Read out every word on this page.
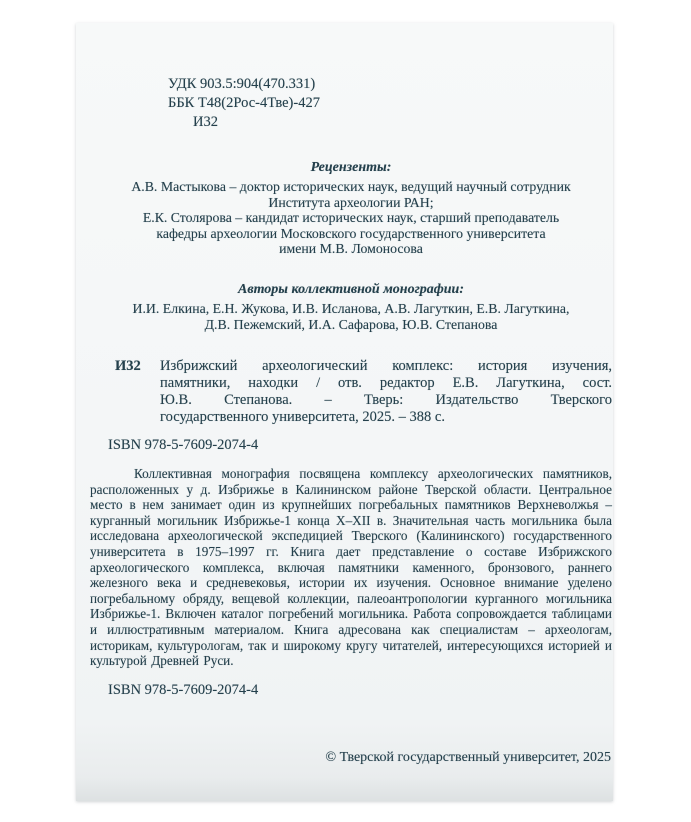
УДК 903.5:904(470.331)
ББК Т48(2Рос-4Тве)-427
И32
Рецензенты:
А.В. Мастыкова – доктор исторических наук, ведущий научный сотрудник
Института археологии РАН;
Е.К. Столярова – кандидат исторических наук, старший преподаватель
кафедры археологии Московского государственного университета
имени М.В. Ломоносова
Авторы коллективной монографии:
И.И. Елкина, Е.Н. Жукова, И.В. Исланова, А.В. Лагуткин, Е.В. Лагуткина,
Д.В. Пежемский, И.А. Сафарова, Ю.В. Степанова
И32 Избрижский археологический комплекс: история изучения,
памятники, находки / отв. редактор Е.В. Лагуткина, сост.
Ю.В. Степанова. – Тверь: Издательство Тверского
государственного университета, 2025. – 388 с.
ISBN 978-5-7609-2074-4
Коллективная монография посвящена комплексу археологических памятников, расположенных у д. Избрижье в Калининском районе Тверской области. Центральное место в нем занимает один из крупнейших погребальных памятников Верхневолжья – курганный могильник Избрижье-1 конца X–XII в. Значительная часть могильника была исследована археологической экспедицией Тверского (Калининского) государственного университета в 1975–1997 гг. Книга дает представление о составе Избрижского археологического комплекса, включая памятники каменного, бронзового, раннего железного века и средневековья, истории их изучения. Основное внимание уделено погребальному обряду, вещевой коллекции, палеоантропологии курганного могильника Избрижье-1. Включен каталог погребений могильника. Работа сопровождается таблицами и иллюстративным материалом. Книга адресована как специалистам – археологам, историкам, культурологам, так и широкому кругу читателей, интересующихся историей и культурой Древней Руси.
ISBN 978-5-7609-2074-4
© Тверской государственный университет, 2025
